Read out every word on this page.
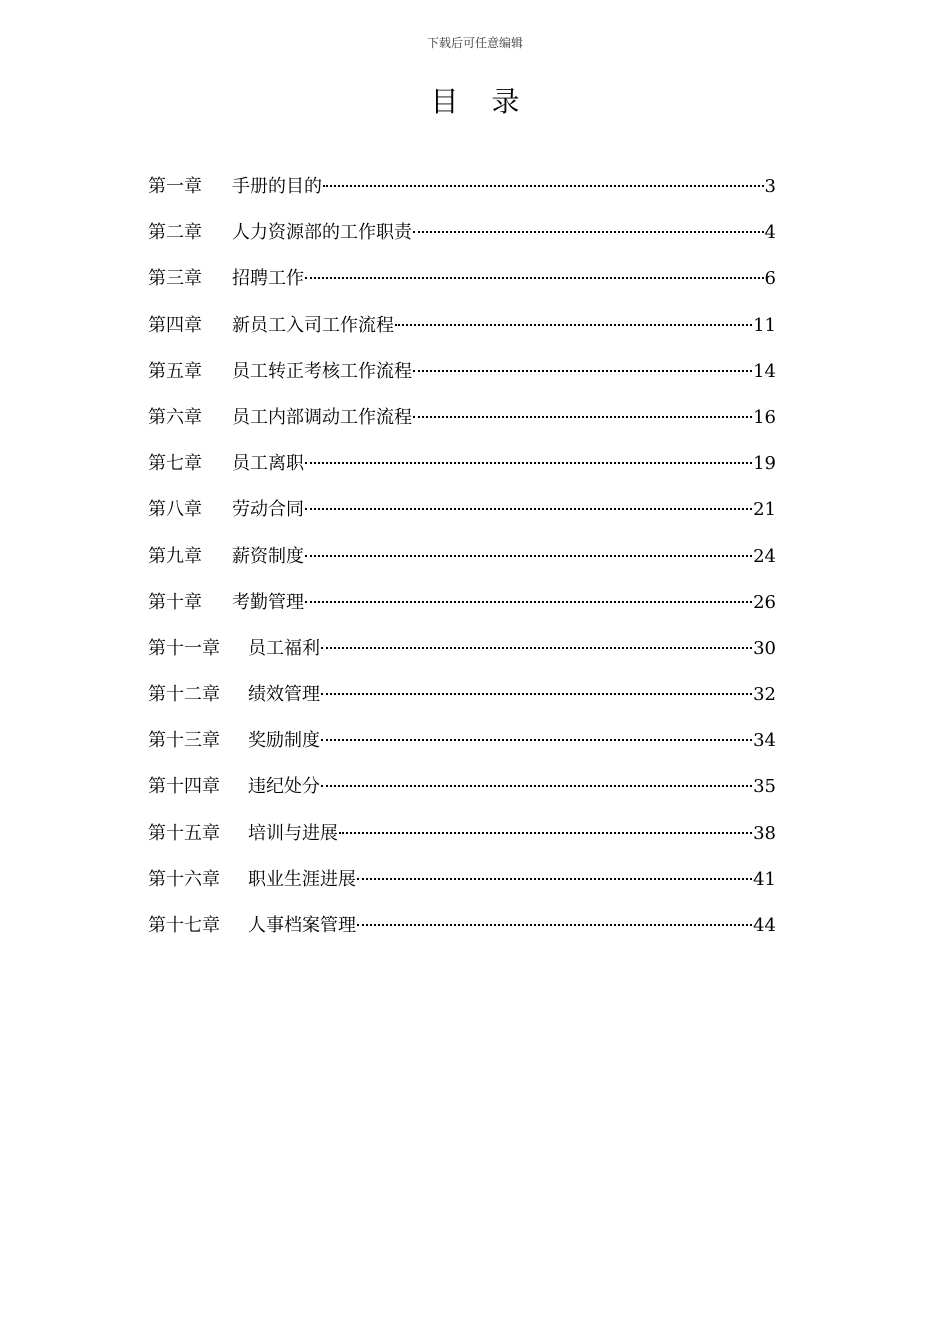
下载后可任意编辑
目 录
第一章	手册的目的	3
第二章	人力资源部的工作职责	4
第三章	招聘工作	6
第四章	新员工入司工作流程	11
第五章	员工转正考核工作流程	14
第六章	员工内部调动工作流程	16
第七章	员工离职	19
第八章	劳动合同	21
第九章	薪资制度	24
第十章	考勤管理	26
第十一章	员工福利	30
第十二章	绩效管理	32
第十三章	奖励制度	34
第十四章	违纪处分	35
第十五章	培训与进展	38
第十六章	职业生涯进展	41
第十七章	人事档案管理	44
